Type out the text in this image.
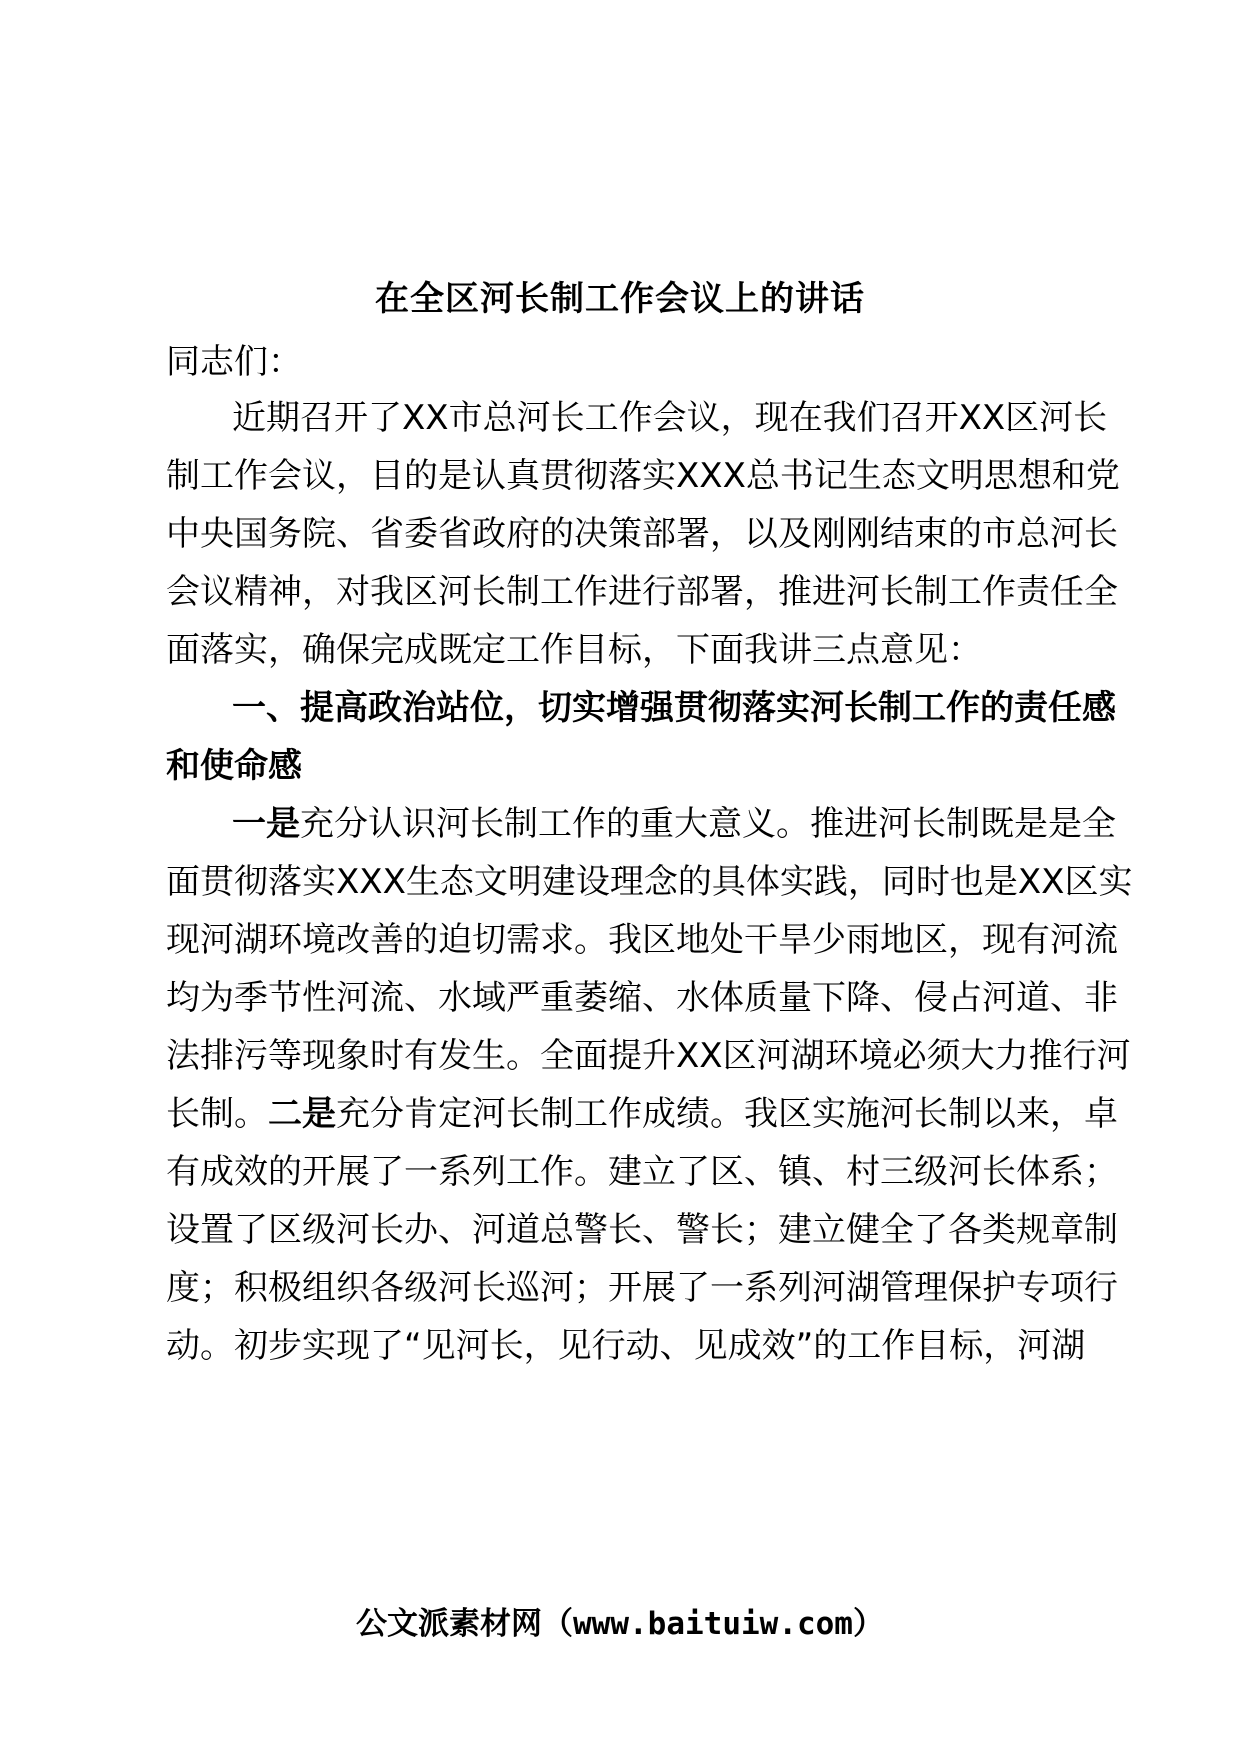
在全区河长制工作会议上的讲话
同志们：
近期召开了XX市总河长工作会议，现在我们召开XX区河长
制工作会议，目的是认真贯彻落实XXX总书记生态文明思想和党
中央国务院、省委省政府的决策部署，以及刚刚结束的市总河长
会议精神，对我区河长制工作进行部署，推进河长制工作责任全
面落实，确保完成既定工作目标，下面我讲三点意见：
一、提高政治站位，切实增强贯彻落实河长制工作的责任感
和使命感
一是充分认识河长制工作的重大意义。推进河长制既是是全
面贯彻落实XXX生态文明建设理念的具体实践，同时也是XX区实
现河湖环境改善的迫切需求。我区地处干旱少雨地区，现有河流
均为季节性河流、水域严重萎缩、水体质量下降、侵占河道、非
法排污等现象时有发生。全面提升XX区河湖环境必须大力推行河
长制。二是充分肯定河长制工作成绩。我区实施河长制以来，卓
有成效的开展了一系列工作。建立了区、镇、村三级河长体系；
设置了区级河长办、河道总警长、警长；建立健全了各类规章制
度；积极组织各级河长巡河；开展了一系列河湖管理保护专项行
动。初步实现了“见河长，见行动、见成效”的工作目标，河湖
公文派素材网（www.baituiw.com）
